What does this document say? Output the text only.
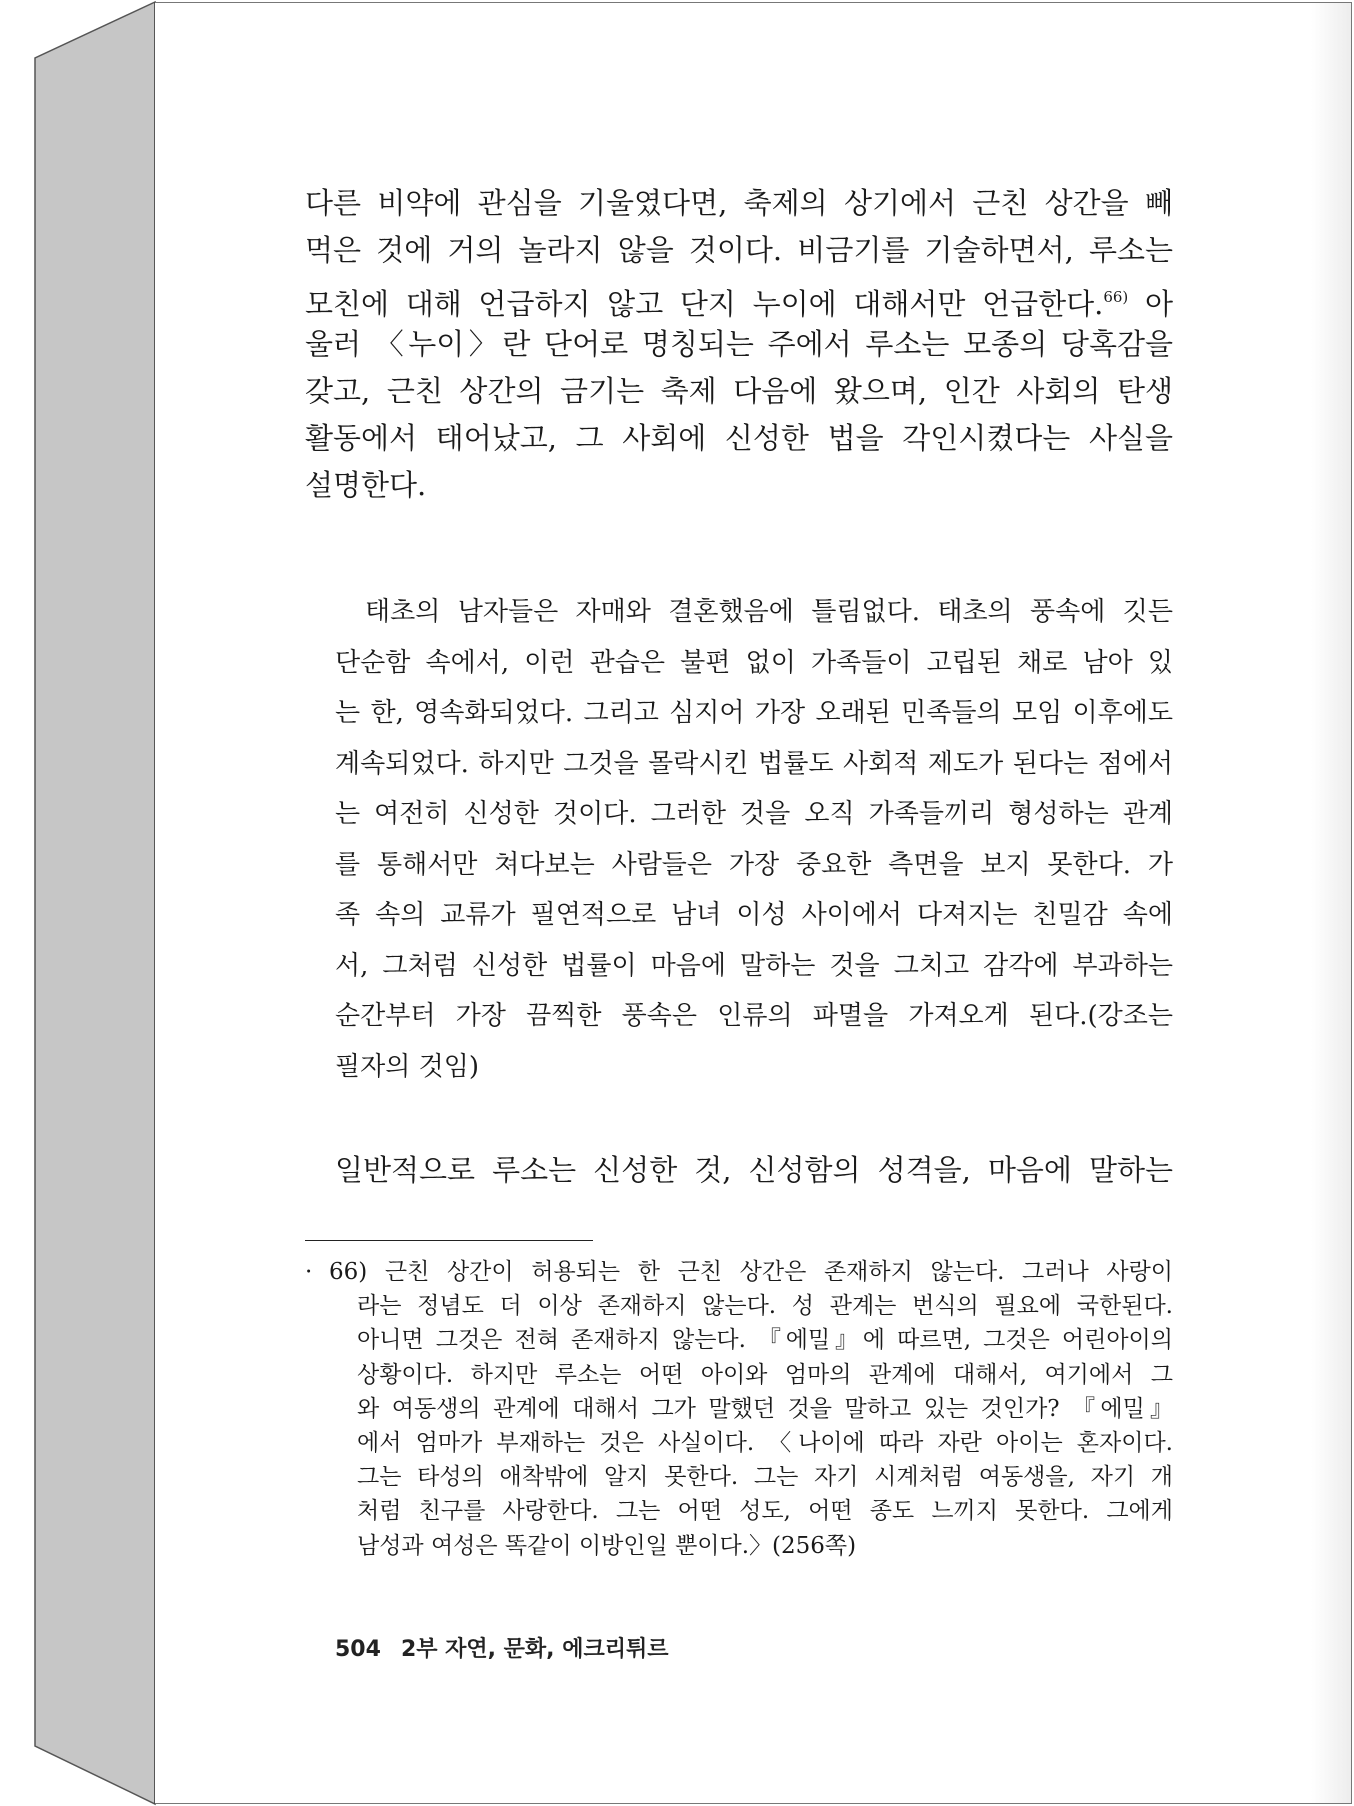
다른 비약에 관심을 기울였다면, 축제의 상기에서 근친 상간을 빼
먹은 것에 거의 놀라지 않을 것이다. 비금기를 기술하면서, 루소는
모친에 대해 언급하지 않고 단지 누이에 대해서만 언급한다.$^{66)}$ 아
울러 〈누이〉란 단어로 명칭되는 주에서 루소는 모종의 당혹감을
갖고, 근친 상간의 금기는 축제 다음에 왔으며, 인간 사회의 탄생
활동에서 태어났고, 그 사회에 신성한 법을 각인시켰다는 사실을
설명한다.
태초의 남자들은 자매와 결혼했음에 틀림없다. 태초의 풍속에 깃든
단순함 속에서, 이런 관습은 불편 없이 가족들이 고립된 채로 남아 있
는 한, 영속화되었다. 그리고 심지어 가장 오래된 민족들의 모임 이후에도
계속되었다. 하지만 그것을 몰락시킨 법률도 사회적 제도가 된다는 점에서
는 여전히 신성한 것이다. 그러한 것을 오직 가족들끼리 형성하는 관계
를 통해서만 쳐다보는 사람들은 가장 중요한 측면을 보지 못한다. 가
족 속의 교류가 필연적으로 남녀 이성 사이에서 다져지는 친밀감 속에
서, 그처럼 신성한 법률이 마음에 말하는 것을 그치고 감각에 부과하는
순간부터 가장 끔찍한 풍속은 인류의 파멸을 가져오게 된다.(강조는
필자의 것임)
일반적으로 루소는 신성한 것, 신성함의 성격을, 마음에 말하는
· 66) 근친 상간이 허용되는 한 근친 상간은 존재하지 않는다. 그러나 사랑이
라는 정념도 더 이상 존재하지 않는다. 성 관계는 번식의 필요에 국한된다.
아니면 그것은 전혀 존재하지 않는다. 『에밀』에 따르면, 그것은 어린아이의
상황이다. 하지만 루소는 어떤 아이와 엄마의 관계에 대해서, 여기에서 그
와 여동생의 관계에 대해서 그가 말했던 것을 말하고 있는 것인가? 『에밀』
에서 엄마가 부재하는 것은 사실이다. 〈나이에 따라 자란 아이는 혼자이다.
그는 타성의 애착밖에 알지 못한다. 그는 자기 시계처럼 여동생을, 자기 개
처럼 친구를 사랑한다. 그는 어떤 성도, 어떤 종도 느끼지 못한다. 그에게
남성과 여성은 똑같이 이방인일 뿐이다.〉(256쪽)
504 2부 자연, 문화, 에크리튀르
